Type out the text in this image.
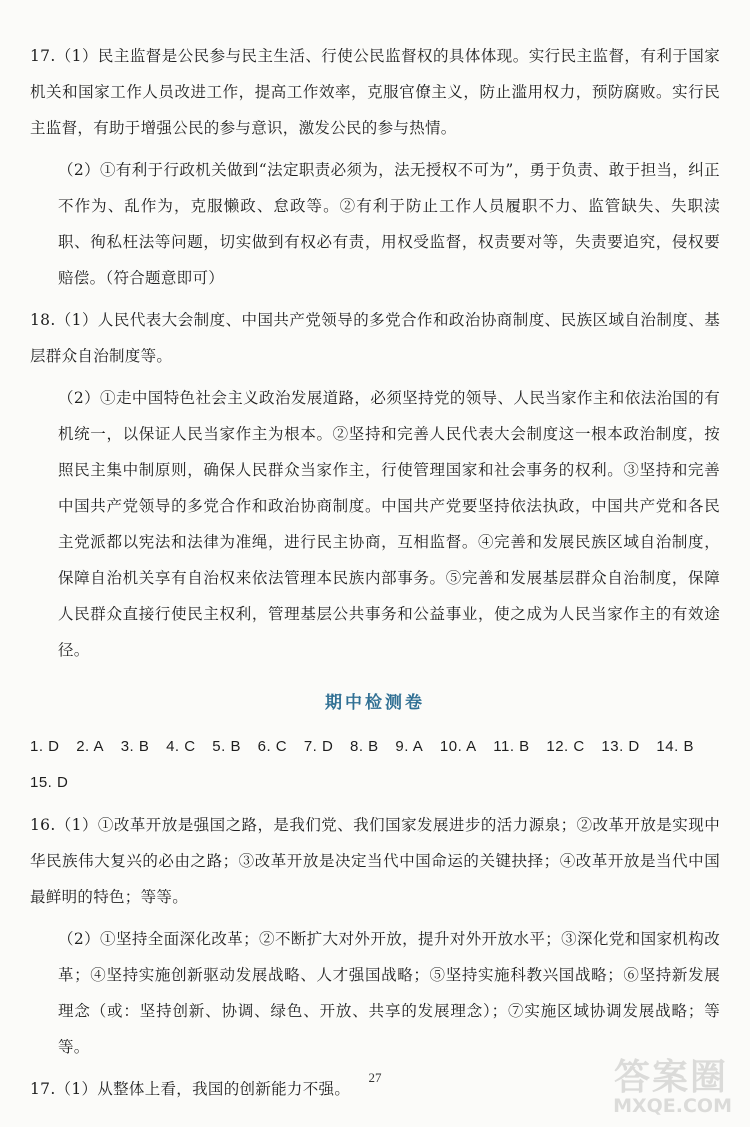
17.（1）民主监督是公民参与民主生活、行使公民监督权的具体体现。实行民主监督，有利于国家机关和国家工作人员改进工作，提高工作效率，克服官僚主义，防止滥用权力，预防腐败。实行民主监督，有助于增强公民的参与意识，激发公民的参与热情。

（2）①有利于行政机关做到“法定职责必须为，法无授权不可为”，勇于负责、敢于担当，纠正不作为、乱作为，克服懒政、怠政等。②有利于防止工作人员履职不力、监管缺失、失职渎职、徇私枉法等问题，切实做到有权必有责，用权受监督，权责要对等，失责要追究，侵权要赔偿。（符合题意即可）

18.（1）人民代表大会制度、中国共产党领导的多党合作和政治协商制度、民族区域自治制度、基层群众自治制度等。

（2）①走中国特色社会主义政治发展道路，必须坚持党的领导、人民当家作主和依法治国的有机统一，以保证人民当家作主为根本。②坚持和完善人民代表大会制度这一根本政治制度，按照民主集中制原则，确保人民群众当家作主，行使管理国家和社会事务的权利。③坚持和完善中国共产党领导的多党合作和政治协商制度。中国共产党要坚持依法执政，中国共产党和各民主党派都以宪法和法律为准绳，进行民主协商，互相监督。④完善和发展民族区域自治制度，保障自治机关享有自治权来依法管理本民族内部事务。⑤完善和发展基层群众自治制度，保障人民群众直接行使民主权利，管理基层公共事务和公益事业，使之成为人民当家作主的有效途径。

期中检测卷
1. D 2. A 3. B 4. C 5. B 6. C 7. D 8. B 9. A 10. A 11. B 12. C 13. D 14. B 15. D

16.（1）①改革开放是强国之路，是我们党、我们国家发展进步的活力源泉；②改革开放是实现中华民族伟大复兴的必由之路；③改革开放是决定当代中国命运的关键抉择；④改革开放是当代中国最鲜明的特色；等等。

（2）①坚持全面深化改革；②不断扩大对外开放，提升对外开放水平；③深化党和国家机构改革；④坚持实施创新驱动发展战略、人才强国战略；⑤坚持实施科教兴国战略；⑥坚持新发展理念（或：坚持创新、协调、绿色、开放、共享的发展理念）；⑦实施区域协调发展战略；等等。

17.（1）从整体上看，我国的创新能力不强。

27	答案圈
MXQE.COM
